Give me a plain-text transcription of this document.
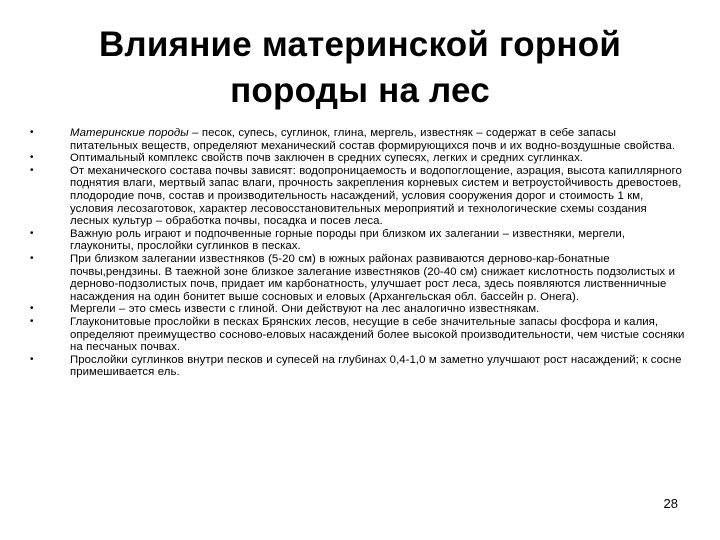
Влияние материнской горной
породы на лес
•	Материнские породы – песок, супесь, суглинок, глина, мергель, известняк – содержат в себе запасы питательных веществ, определяют механический состав формирующихся почв и их водно-воздушные свойства.
•	Оптимальный комплекс свойств почв заключен в средних супесях, легких и средних суглинках.
•	От механического состава почвы зависят: водопроницаемость и водопоглощение, аэрация, высота капиллярного поднятия влаги, мертвый запас влаги, прочность закрепления корневых систем и ветроустойчивость древостоев, плодородие почв, состав и производительность насаждений, условия сооружения дорог и стоимость 1 км, условия лесозаготовок, характер лесовосстановительных мероприятий и технологические схемы создания лесных культур – обработка почвы, посадка и посев леса.
•	Важную роль играют и подпочвенные горные породы при близком их залегании – известняки, мергели, глаукониты, прослойки суглинков в песках.
•	При близком залегании известняков (5-20 см) в южных районах развиваются дерново-кар-бонатные почвы,рендзины. В таежной зоне близкое залегание известняков (20-40 см) снижает кислотность подзолистых и дерново-подзолистых почв, придает им карбонатность, улучшает рост леса, здесь появляются лиственничные насаждения на один бонитет выше сосновых и еловых (Архангельская обл. бассейн р. Онега).
•	Мергели – это смесь извести с глиной. Они действуют на лес аналогично известнякам.
•	Глауконитовые прослойки в песках Брянских лесов, несущие в себе значительные запасы фосфора и калия, определяют преимущество сосново-еловых насаждений более высокой производительности, чем чистые сосняки на песчаных почвах.
•	Прослойки суглинков внутри песков и супесей на глубинах 0,4-1,0 м заметно улучшают рост насаждений; к сосне примешивается ель.
28
